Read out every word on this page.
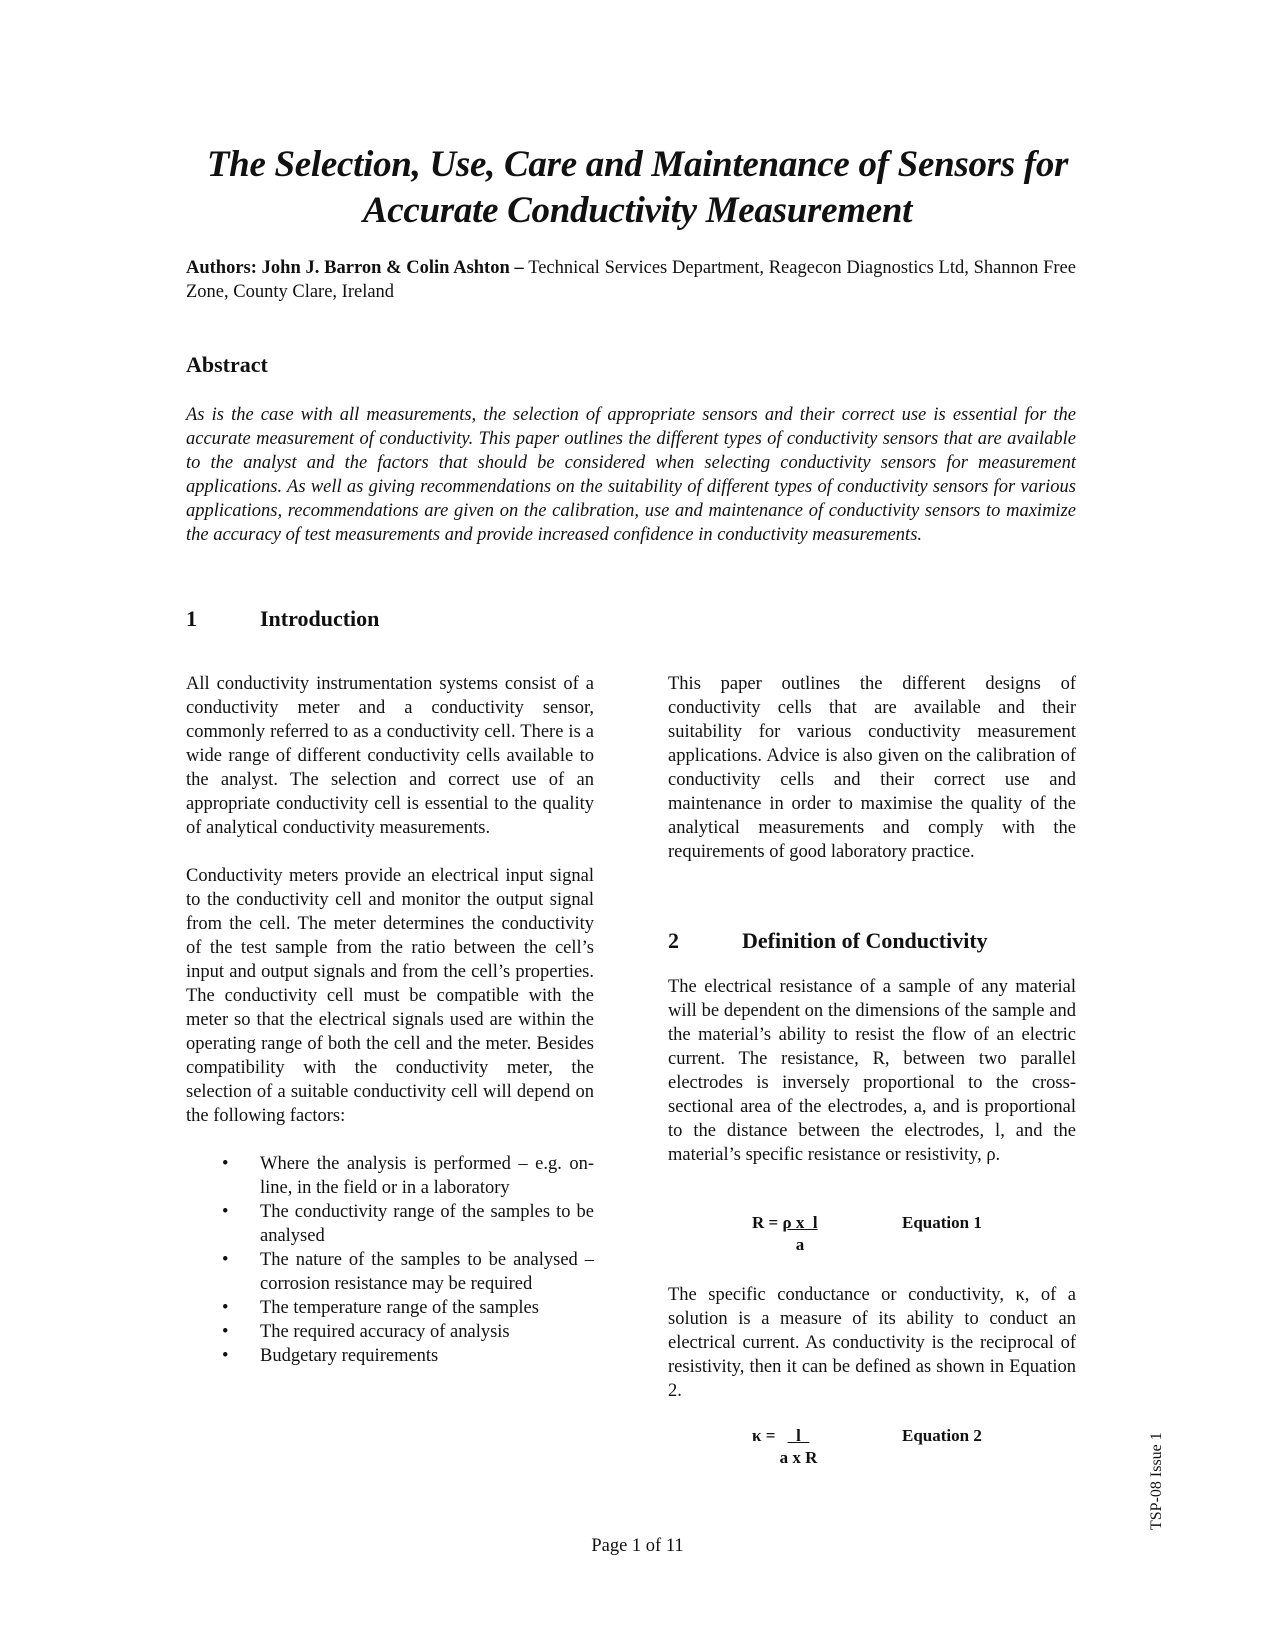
The Selection, Use, Care and Maintenance of Sensors for
Accurate Conductivity Measurement
Authors: John J. Barron & Colin Ashton – Technical Services Department, Reagecon Diagnostics Ltd, Shannon Free Zone, County Clare, Ireland
Abstract
As is the case with all measurements, the selection of appropriate sensors and their correct use is essential for the accurate measurement of conductivity. This paper outlines the different types of conductivity sensors that are available to the analyst and the factors that should be considered when selecting conductivity sensors for measurement applications. As well as giving recommendations on the suitability of different types of conductivity sensors for various applications, recommendations are given on the calibration, use and maintenance of conductivity sensors to maximize the accuracy of test measurements and provide increased confidence in conductivity measurements.
1	Introduction

All conductivity instrumentation systems consist of a conductivity meter and a conductivity sensor, commonly referred to as a conductivity cell. There is a wide range of different conductivity cells available to the analyst. The selection and correct use of an appropriate conductivity cell is essential to the quality of analytical conductivity measurements.

Conductivity meters provide an electrical input signal to the conductivity cell and monitor the output signal from the cell. The meter determines the conductivity of the test sample from the ratio between the cell’s input and output signals and from the cell’s properties. The conductivity cell must be compatible with the meter so that the electrical signals used are within the operating range of both the cell and the meter. Besides compatibility with the conductivity meter, the selection of a suitable conductivity cell will depend on the following factors:

• Where the analysis is performed – e.g. on-line, in the field or in a laboratory
• The conductivity range of the samples to be analysed
• The nature of the samples to be analysed – corrosion resistance may be required
• The temperature range of the samples
• The required accuracy of analysis
• Budgetary requirements

This paper outlines the different designs of conductivity cells that are available and their suitability for various conductivity measurement applications. Advice is also given on the calibration of conductivity cells and their correct use and maintenance in order to maximise the quality of the analytical measurements and comply with the requirements of good laboratory practice.

2	Definition of Conductivity

The electrical resistance of a sample of any material will be dependent on the dimensions of the sample and the material’s ability to resist the flow of an electric current. The resistance, R, between two parallel electrodes is inversely proportional to the cross-sectional area of the electrodes, a, and is proportional to the distance between the electrodes, l, and the material’s specific resistance or resistivity, ρ.

$R = \frac{\text{ρ x  l}}{a}$	Equation 1

The specific conductance or conductivity, κ, of a solution is a measure of its ability to conduct an electrical current. As conductivity is the reciprocal of resistivity, then it can be defined as shown in Equation 2.

$\kappa = \frac{l}{\text{a x R}}$	Equation 2
Page 1 of 11
TSP-08 Issue 1
